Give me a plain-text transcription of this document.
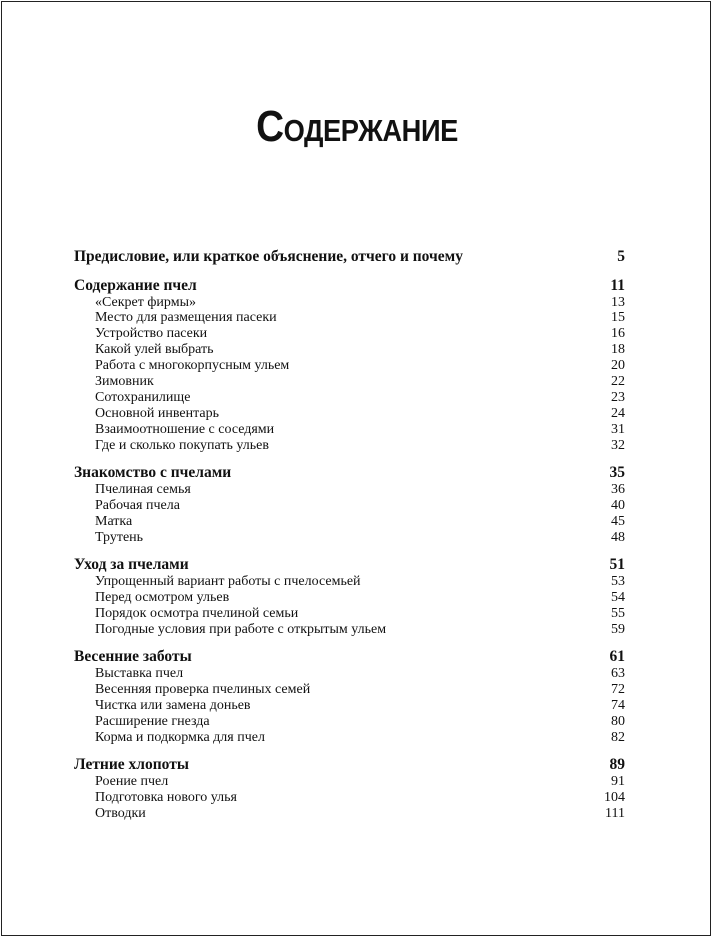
Содержание
Предисловие, или краткое объяснение, отчего и почему	5
Содержание пчел	11
«Секрет фирмы»	13
Место для размещения пасеки	15
Устройство пасеки	16
Какой улей выбрать	18
Работа с многокорпусным ульем	20
Зимовник	22
Сотохранилище	23
Основной инвентарь	24
Взаимоотношение с соседями	31
Где и сколько покупать ульев	32
Знакомство с пчелами	35
Пчелиная семья	36
Рабочая пчела	40
Матка	45
Трутень	48
Уход за пчелами	51
Упрощенный вариант работы с пчелосемьей	53
Перед осмотром ульев	54
Порядок осмотра пчелиной семьи	55
Погодные условия при работе с открытым ульем	59
Весенние заботы	61
Выставка пчел	63
Весенняя проверка пчелиных семей	72
Чистка или замена доньев	74
Расширение гнезда	80
Корма и подкормка для пчел	82
Летние хлопоты	89
Роение пчел	91
Подготовка нового улья	104
Отводки	111
